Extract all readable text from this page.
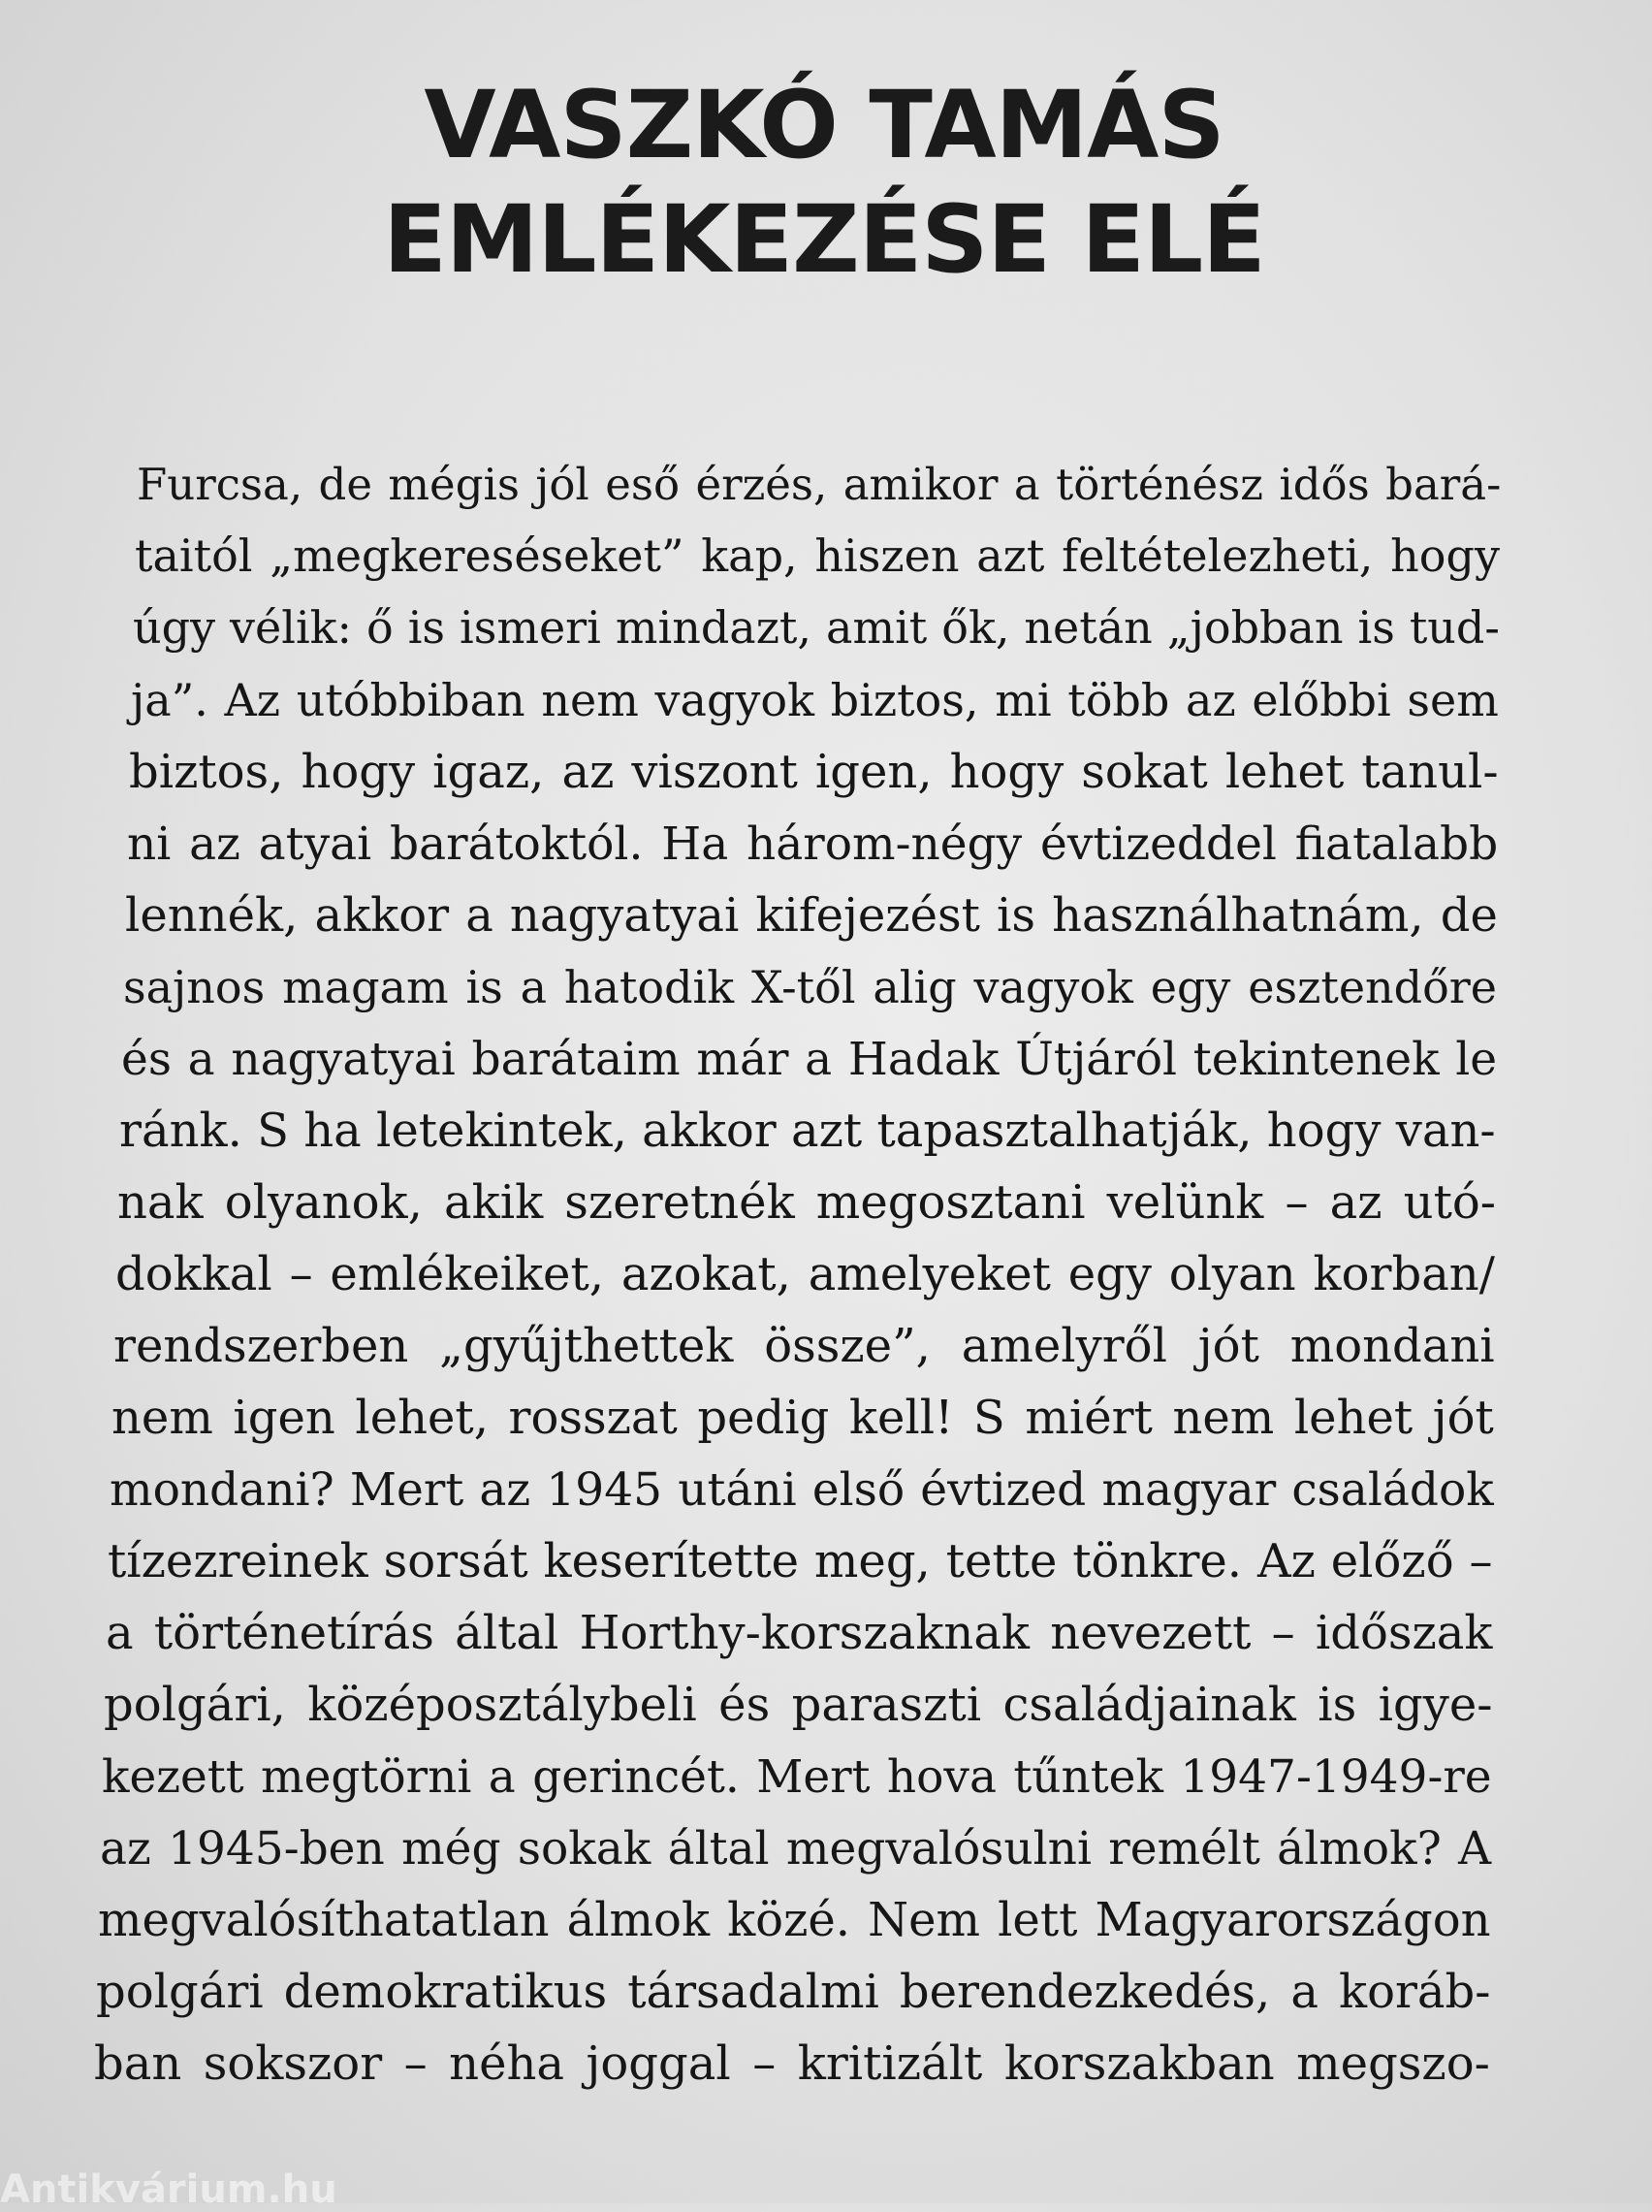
VASZKÓ TAMÁS
EMLÉKEZÉSE ELÉ
Furcsa, de mégis jól eső érzés, amikor a történész idős bará-
taitól „megkereséseket” kap, hiszen azt feltételezheti, hogy
úgy vélik: ő is ismeri mindazt, amit ők, netán „jobban is tud-
ja”. Az utóbbiban nem vagyok biztos, mi több az előbbi sem
biztos, hogy igaz, az viszont igen, hogy sokat lehet tanul-
ni az atyai barátoktól. Ha három-négy évtizeddel fiatalabb
lennék, akkor a nagyatyai kifejezést is használhatnám, de
sajnos magam is a hatodik X-től alig vagyok egy esztendőre
és a nagyatyai barátaim már a Hadak Útjáról tekintenek le
ránk. S ha letekintek, akkor azt tapasztalhatják, hogy van-
nak olyanok, akik szeretnék megosztani velünk – az utó-
dokkal – emlékeiket, azokat, amelyeket egy olyan korban/
rendszerben „gyűjthettek össze”, amelyről jót mondani
nem igen lehet, rosszat pedig kell! S miért nem lehet jót
mondani? Mert az 1945 utáni első évtized magyar családok
tízezreinek sorsát keserítette meg, tette tönkre. Az előző –
a történetírás által Horthy-korszaknak nevezett – időszak
polgári, középosztálybeli és paraszti családjainak is igye-
kezett megtörni a gerincét. Mert hova tűntek 1947-1949-re
az 1945-ben még sokak által megvalósulni remélt álmok? A
megvalósíthatatlan álmok közé. Nem lett Magyarországon
polgári demokratikus társadalmi berendezkedés, a koráb-
ban sokszor – néha joggal – kritizált korszakban megszo-
Antikvárium.hu
